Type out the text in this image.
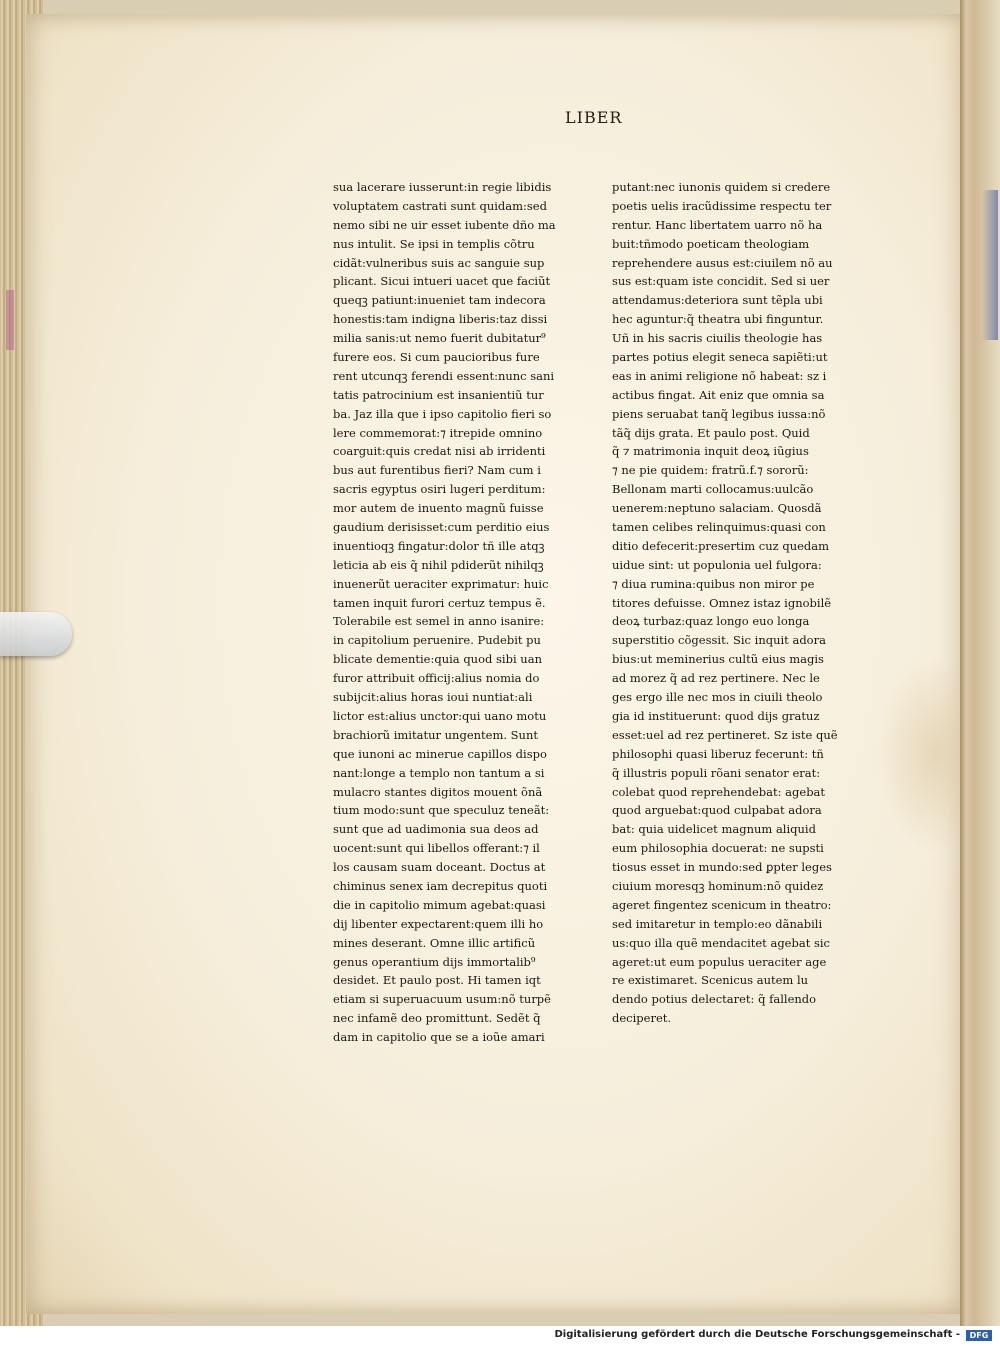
LIBER
sua lacerare iusserunt:in regie libidis
voluptatem castrati sunt quidam:sed
nemo sibi ne uir esset iubente dño ma
nus intulit. Se ipsi in templis cõtru
cidãt:vulneribus suis ac sanguie sup
plicant. Sicui intueri uacet que faciũt
queqꝫ patiunt:inueniet tam indecora
honestis:tam indigna liberis:taz dissi
milia sanis:ut nemo fuerit dubitatur⁹
furere eos. Si cum paucioribus fure
rent utcunqꝫ ferendi essent:nunc sani
tatis patrocinium est insanientiũ tur
ba. Jaz illa que i ipso capitolio fieri so
lere commemorat:⁊ itrepide omnino
coarguit:quis credat nisi ab irridenti
bus aut furentibus fieri? Nam cum i
sacris egyptus osiri lugeri perditum:
mor autem de inuento magnũ fuisse
gaudium derisisset:cum perditio eius
inuentioqꝫ fingatur:dolor tñ ille atqꝫ
leticia ab eis q̃ nihil pdiderũt nihilqꝫ
inuenerũt ueraciter exprimatur: huic
tamen inquit furori certuz tempus ẽ.
Tolerabile est semel in anno isanire:
in capitolium peruenire. Pudebit pu
blicate dementie:quia quod sibi uan
furor attribuit officij:alius nomia do
subijcit:alius horas ioui nuntiat:ali
lictor est:alius unctor:qui uano motu
brachiorũ imitatur ungentem. Sunt
que iunoni ac minerue capillos dispo
nant:longe a templo non tantum a si
mulacro stantes digitos mouent õnã
tium modo:sunt que speculuz teneãt:
sunt que ad uadimonia sua deos ad
uocent:sunt qui libellos offerant:⁊ il
los causam suam doceant. Doctus at
chiminus senex iam decrepitus quoti
die in capitolio mimum agebat:quasi
dij libenter expectarent:quem illi ho
mines deserant. Omne illic artificũ
genus operantium dijs immortalib⁹
desidet. Et paulo post. Hi tamen iqt
etiam si superuacuum usum:nõ turpẽ
nec infamẽ deo promittunt. Sedẽt q̃
dam in capitolio que se a ioũe amari
putant:nec iunonis quidem si credere
poetis uelis iracũdissime respectu ter
rentur. Hanc libertatem uarro nõ ha
buit:tñmodo poeticam theologiam
reprehendere ausus est:ciuilem nõ au
sus est:quam iste concidit. Sed si uer
attendamus:deteriora sunt tẽpla ubi
hec aguntur:q̃ theatra ubi finguntur.
Uñ in his sacris ciuilis theologie has
partes potius elegit seneca sapiẽti:ut
eas in animi religione nõ habeat: sz i
actibus fingat. Ait eniz que omnia sa
piens seruabat tanq̃ legibus iussa:nõ
tãq̃ dijs grata. Et paulo post. Quid
q̃ ⁊ matrimonia inquit deoꝝ iũgius
⁊ ne pie quidem: fratrũ.f.⁊ sororũ:
Bellonam marti collocamus:uulcão
uenerem:neptuno salaciam. Quosdã
tamen celibes relinquimus:quasi con
ditio defecerit:presertim cuz quedam
uidue sint: ut populonia uel fulgora:
⁊ diua rumina:quibus non miror pe
titores defuisse. Omnez istaz ignobilẽ
deoꝝ turbaz:quaz longo euo longa
superstitio cõgessit. Sic inquit adora
bius:ut meminerius cultũ eius magis
ad morez q̃ ad rez pertinere. Nec le
ges ergo ille nec mos in ciuili theolo
gia id instituerunt: quod dijs gratuz
esset:uel ad rez pertineret. Sz iste quẽ
philosophi quasi liberuz fecerunt: tñ
q̃ illustris populi rõani senator erat:
colebat quod reprehendebat: agebat
quod arguebat:quod culpabat adora
bat: quia uidelicet magnum aliquid
eum philosophia docuerat: ne supsti
tiosus esset in mundo:sed ꝑpter leges
ciuium moresqꝫ hominum:nõ quidez
ageret fingentez scenicum in theatro:
sed imitaretur in templo:eo dãnabili
us:quo illa quẽ mendacitet agebat sic
ageret:ut eum populus ueraciter age
re existimaret. Scenicus autem lu
dendo potius delectaret: q̃ fallendo
deciperet.
Digitalisierung gefördert durch die Deutsche Forschungsgemeinschaft -	DFG
